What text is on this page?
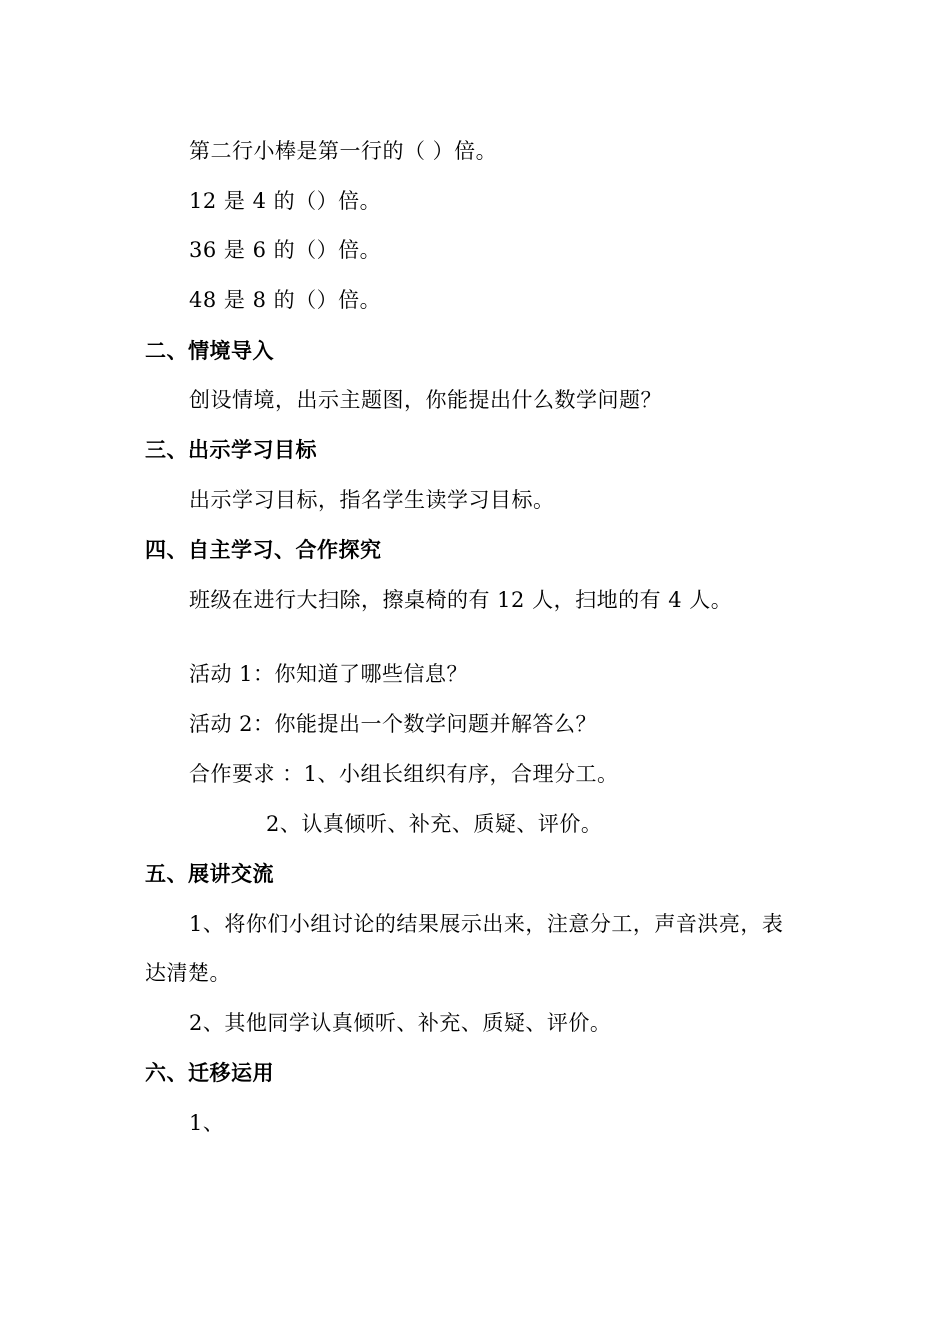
第二行小棒是第一行的（ ）倍。
12 是 4 的（）倍。
36 是 6 的（）倍。
48 是 8 的（）倍。
二、情境导入
创设情境，出示主题图，你能提出什么数学问题？
三、出示学习目标
出示学习目标，指名学生读学习目标。
四、自主学习、合作探究
班级在进行大扫除，擦桌椅的有 12 人，扫地的有 4 人。
活动 1：你知道了哪些信息？
活动 2：你能提出一个数学问题并解答么？
合作要求 ：1、小组长组织有序，合理分工。
2、认真倾听、补充、质疑、评价。
五、展讲交流
1、将你们小组讨论的结果展示出来，注意分工，声音洪亮，表
达清楚。
2、其他同学认真倾听、补充、质疑、评价。
六、迁移运用
1、
